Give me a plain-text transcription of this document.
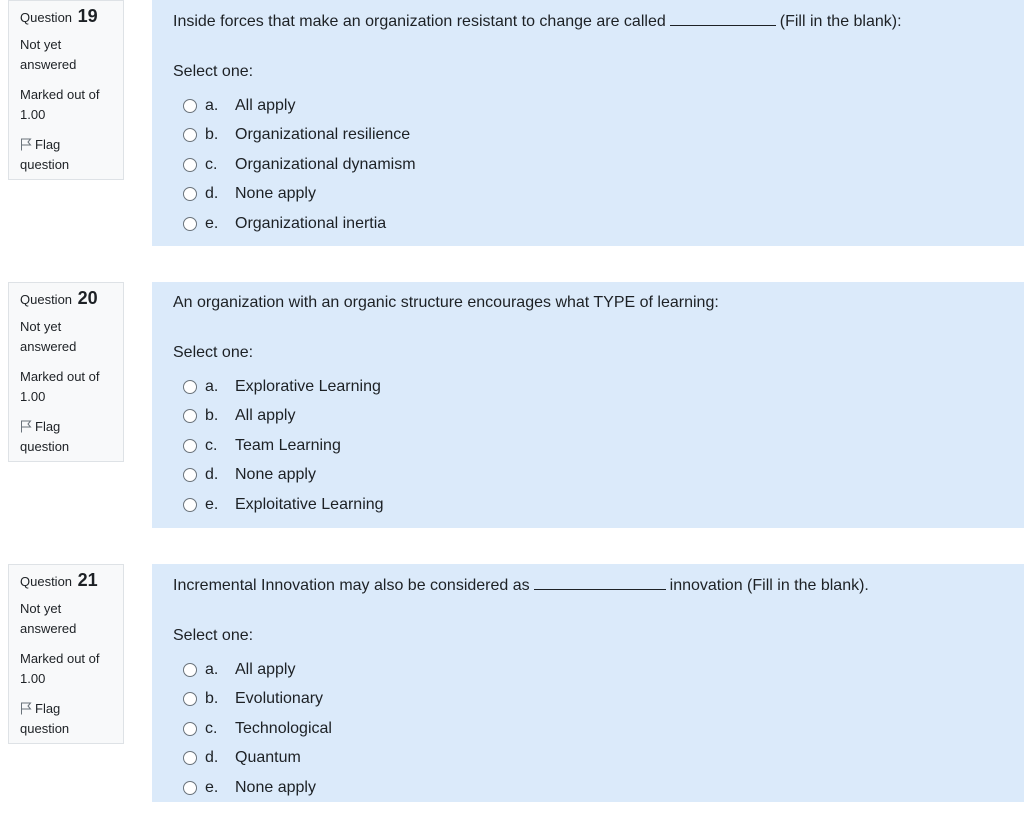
Question 19
Not yet
answered
Marked out of
1.00
Flag
question
Inside forces that make an organization resistant to change are called	(Fill in the blank):
Select one:
a.	All apply
b.	Organizational resilience
c.	Organizational dynamism
d.	None apply
e.	Organizational inertia
Question 20
Not yet
answered
Marked out of
1.00
Flag
question
An organization with an organic structure encourages what TYPE of learning:
Select one:
a.	Explorative Learning
b.	All apply
c.	Team Learning
d.	None apply
e.	Exploitative Learning
Question 21
Not yet
answered
Marked out of
1.00
Flag
question
Incremental Innovation may also be considered as	innovation (Fill in the blank).
Select one:
a.	All apply
b.	Evolutionary
c.	Technological
d.	Quantum
e.	None apply
